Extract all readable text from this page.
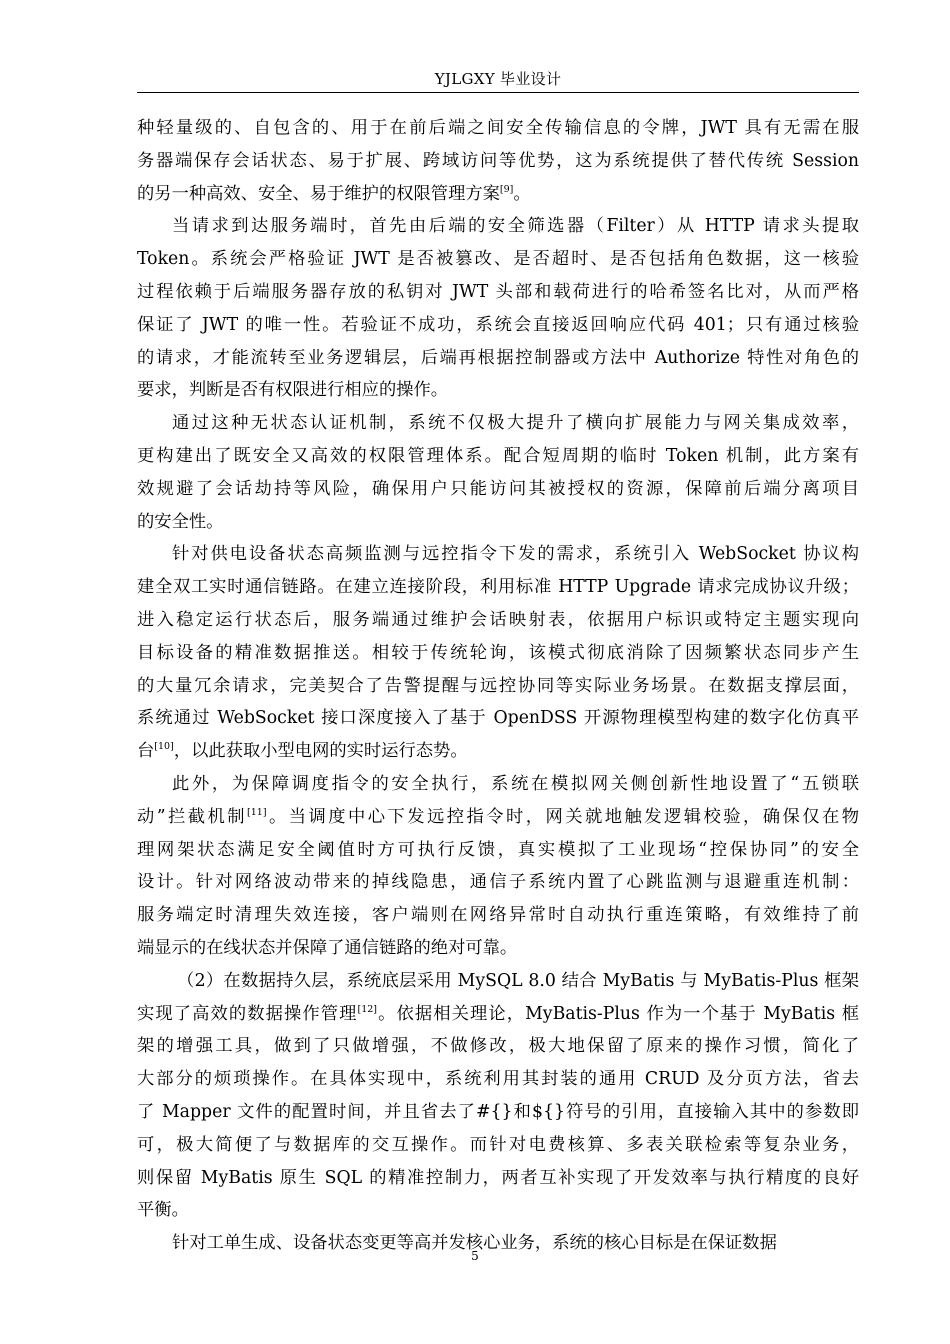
YJLGXY 毕业设计
种轻量级的、自包含的、用于在前后端之间安全传输信息的令牌，JWT 具有无需在服
务器端保存会话状态、易于扩展、跨域访问等优势，这为系统提供了替代传统 Session
的另一种高效、安全、易于维护的权限管理方案[9]。
当请求到达服务端时，首先由后端的安全筛选器（Filter）从 HTTP 请求头提取
Token。系统会严格验证 JWT 是否被篡改、是否超时、是否包括角色数据，这一核验
过程依赖于后端服务器存放的私钥对 JWT 头部和载荷进行的哈希签名比对，从而严格
保证了 JWT 的唯一性。若验证不成功，系统会直接返回响应代码 401；只有通过核验
的请求，才能流转至业务逻辑层，后端再根据控制器或方法中 Authorize 特性对角色的
要求，判断是否有权限进行相应的操作。
通过这种无状态认证机制，系统不仅极大提升了横向扩展能力与网关集成效率，
更构建出了既安全又高效的权限管理体系。配合短周期的临时 Token 机制，此方案有
效规避了会话劫持等风险，确保用户只能访问其被授权的资源，保障前后端分离项目
的安全性。
针对供电设备状态高频监测与远控指令下发的需求，系统引入 WebSocket 协议构
建全双工实时通信链路。在建立连接阶段，利用标准 HTTP Upgrade 请求完成协议升级；
进入稳定运行状态后，服务端通过维护会话映射表，依据用户标识或特定主题实现向
目标设备的精准数据推送。相较于传统轮询，该模式彻底消除了因频繁状态同步产生
的大量冗余请求，完美契合了告警提醒与远控协同等实际业务场景。在数据支撑层面，
系统通过 WebSocket 接口深度接入了基于 OpenDSS 开源物理模型构建的数字化仿真平
台[10]，以此获取小型电网的实时运行态势。
此外，为保障调度指令的安全执行，系统在模拟网关侧创新性地设置了“五锁联
动”拦截机制[11]。当调度中心下发远控指令时，网关就地触发逻辑校验，确保仅在物
理网架状态满足安全阈值时方可执行反馈，真实模拟了工业现场“控保协同”的安全
设计。针对网络波动带来的掉线隐患，通信子系统内置了心跳监测与退避重连机制：
服务端定时清理失效连接，客户端则在网络异常时自动执行重连策略，有效维持了前
端显示的在线状态并保障了通信链路的绝对可靠。
（2）在数据持久层，系统底层采用 MySQL 8.0 结合 MyBatis 与 MyBatis-Plus 框架
实现了高效的数据操作管理[12]。依据相关理论，MyBatis-Plus 作为一个基于 MyBatis 框
架的增强工具，做到了只做增强，不做修改，极大地保留了原来的操作习惯，简化了
大部分的烦琐操作。在具体实现中，系统利用其封装的通用 CRUD 及分页方法，省去
了 Mapper 文件的配置时间，并且省去了#{}和${}符号的引用，直接输入其中的参数即
可，极大简便了与数据库的交互操作。而针对电费核算、多表关联检索等复杂业务，
则保留 MyBatis 原生 SQL 的精准控制力，两者互补实现了开发效率与执行精度的良好
平衡。
针对工单生成、设备状态变更等高并发核心业务，系统的核心目标是在保证数据
5
